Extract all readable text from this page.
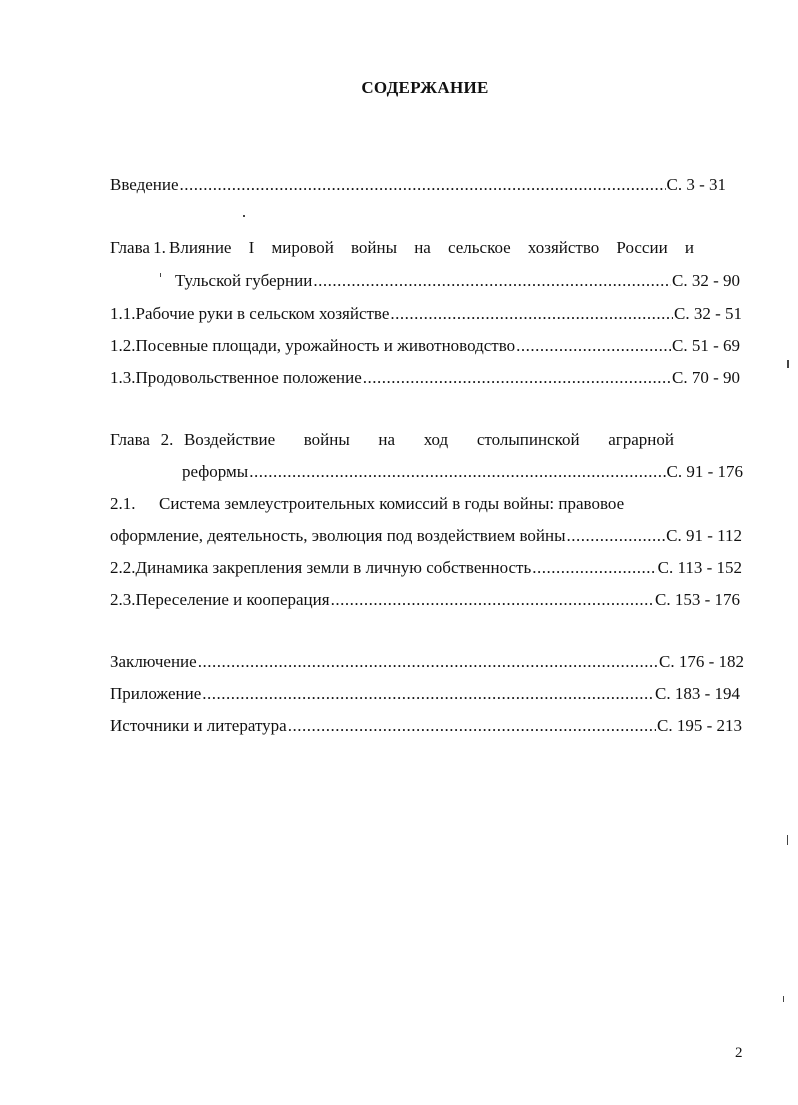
СОДЕРЖАНИЕ
Введение .....	С. 3 - 31
Глава 1. Влияние I мировой войны на сельское хозяйство России и
Тульской губернии .....	С. 32 - 90
1.1. Рабочие руки в сельском хозяйстве .....	С. 32 - 51
1.2. Посевные площади, урожайность и животноводство .....	С. 51 - 69
1.3. Продовольственное положение .....	С. 70 - 90
Глава 2. Воздействие войны на ход столыпинской аграрной
реформы .....	С. 91 - 176
2.1.	Система землеустроительных комиссий в годы войны: правовое
оформление, деятельность, эволюция под воздействием войны .....	С. 91 - 112
2.2. Динамика закрепления земли в личную собственность .....	С. 113 - 152
2.3. Переселение и кооперация .....	С. 153 - 176
Заключение .....	С. 176 - 182
Приложение .....	С. 183 - 194
Источники и литература .....	С. 195 - 213
2
